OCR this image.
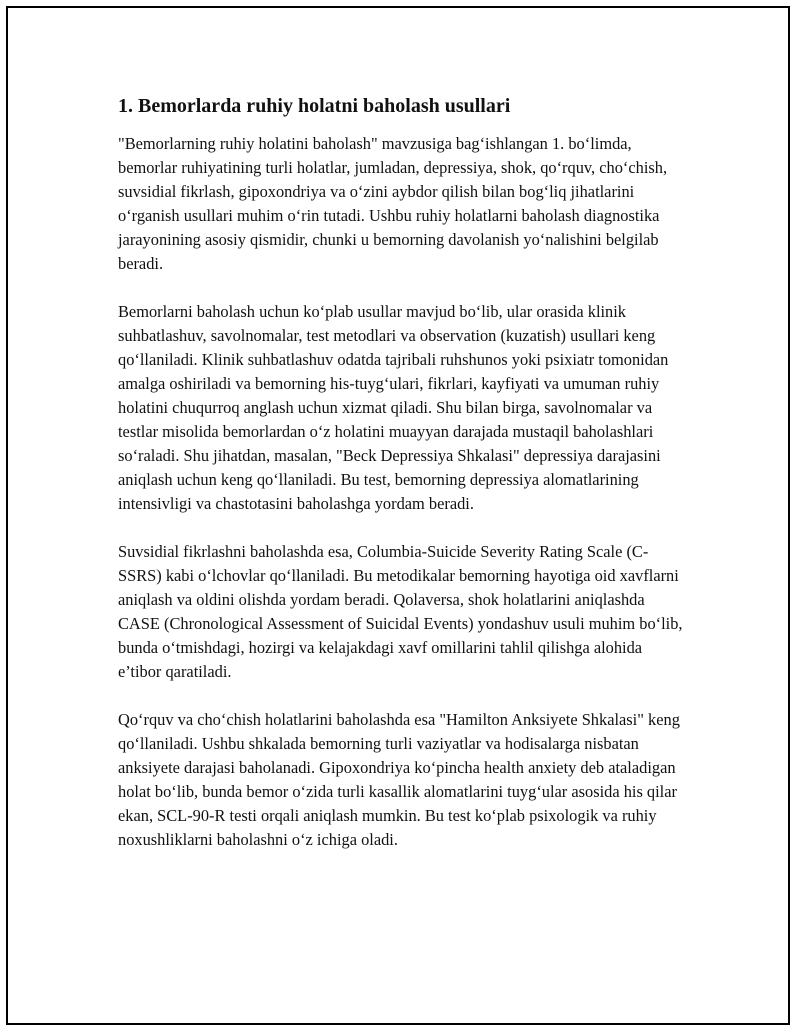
1. Bemorlarda ruhiy holatni baholash usullari

"Bemorlarning ruhiy holatini baholash" mavzusiga bag‘ishlangan 1. bo‘limda, bemorlar ruhiyatining turli holatlar, jumladan, depressiya, shok, qo‘rquv, cho‘chish, suvsidial fikrlash, gipoxondriya va o‘zini aybdor qilish bilan bog‘liq jihatlarini o‘rganish usullari muhim o‘rin tutadi. Ushbu ruhiy holatlarni baholash diagnostika jarayonining asosiy qismidir, chunki u bemorning davolanish yo‘nalishini belgilab beradi.

Bemorlarni baholash uchun ko‘plab usullar mavjud bo‘lib, ular orasida klinik suhbatlashuv, savolnomalar, test metodlari va observation (kuzatish) usullari keng qo‘llaniladi. Klinik suhbatlashuv odatda tajribali ruhshunos yoki psixiatr tomonidan amalga oshiriladi va bemorning his-tuyg‘ulari, fikrlari, kayfiyati va umuman ruhiy holatini chuqurroq anglash uchun xizmat qiladi. Shu bilan birga, savolnomalar va testlar misolida bemorlardan o‘z holatini muayyan darajada mustaqil baholashlari so‘raladi. Shu jihatdan, masalan, "Beck Depressiya Shkalasi" depressiya darajasini aniqlash uchun keng qo‘llaniladi. Bu test, bemorning depressiya alomatlarining intensivligi va chastotasini baholashga yordam beradi.

Suvsidial fikrlashni baholashda esa, Columbia-Suicide Severity Rating Scale (C-SSRS) kabi o‘lchovlar qo‘llaniladi. Bu metodikalar bemorning hayotiga oid xavflarni aniqlash va oldini olishda yordam beradi. Qolaversa, shok holatlarini aniqlashda CASE (Chronological Assessment of Suicidal Events) yondashuv usuli muhim bo‘lib, bunda o‘tmishdagi, hozirgi va kelajakdagi xavf omillarini tahlil qilishga alohida e’tibor qaratiladi.

Qo‘rquv va cho‘chish holatlarini baholashda esa "Hamilton Anksiyete Shkalasi" keng qo‘llaniladi. Ushbu shkalada bemorning turli vaziyatlar va hodisalarga nisbatan anksiyete darajasi baholanadi. Gipoxondriya ko‘pincha health anxiety deb ataladigan holat bo‘lib, bunda bemor o‘zida turli kasallik alomatlarini tuyg‘ular asosida his qilar ekan, SCL-90-R testi orqali aniqlash mumkin. Bu test ko‘plab psixologik va ruhiy noxushliklarni baholashni o‘z ichiga oladi.
